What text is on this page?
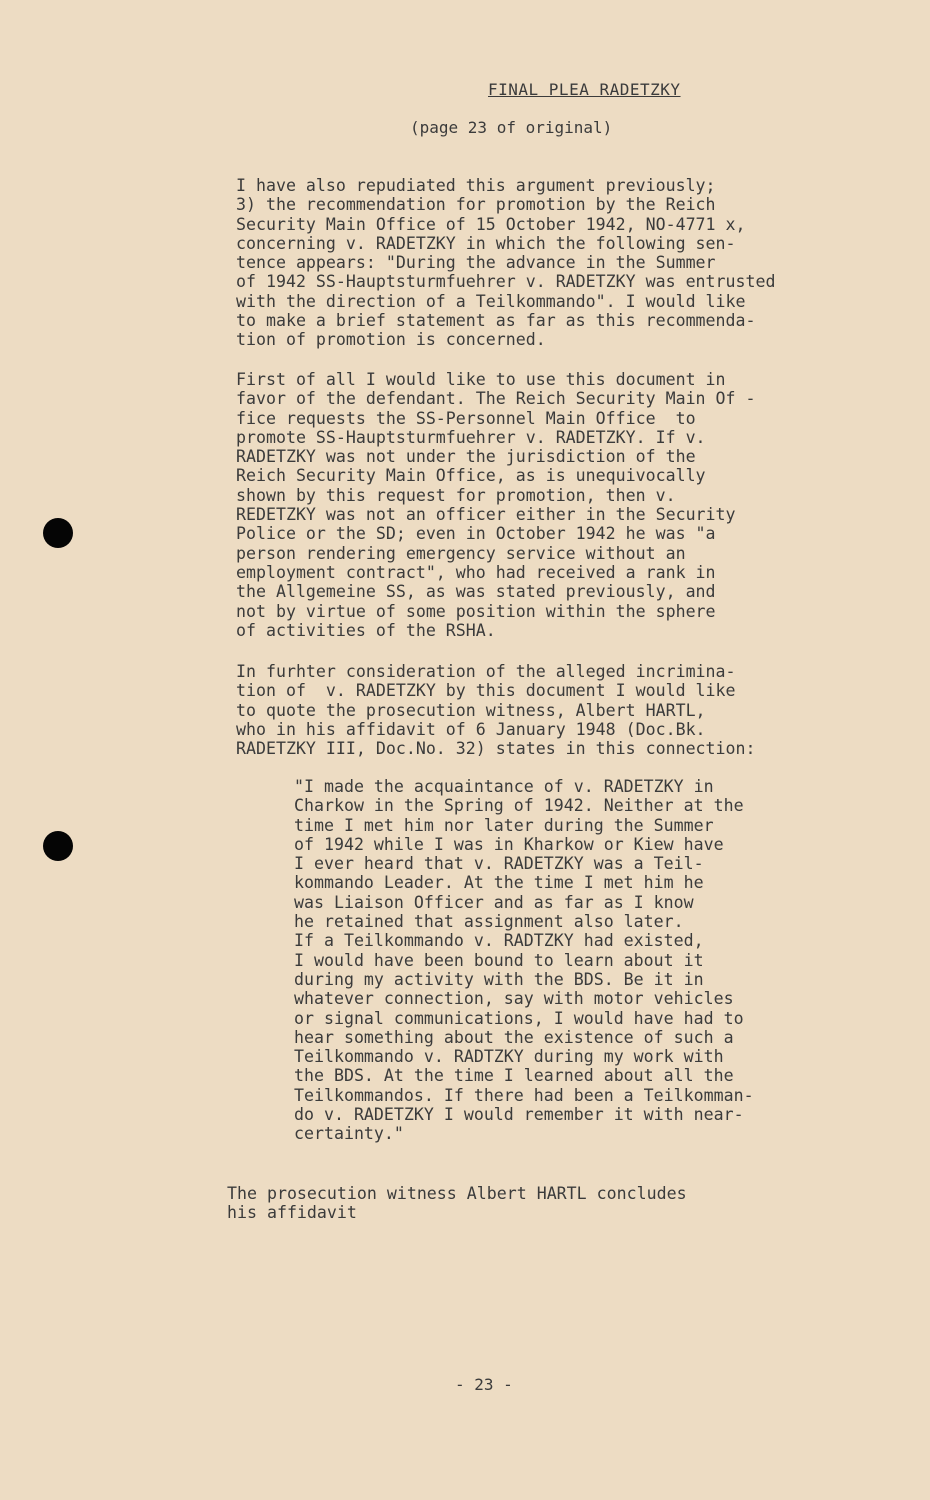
FINAL PLEA RADETZKY
(page 23 of original)
I have also repudiated this argument previously;
3) the recommendation for promotion by the Reich
Security Main Office of 15 October 1942, NO-4771 x,
concerning v. RADETZKY in which the following sen-
tence appears: "During the advance in the Summer
of 1942 SS-Hauptsturmfuehrer v. RADETZKY was entrusted
with the direction of a Teilkommando". I would like
to make a brief statement as far as this recommenda-
tion of promotion is concerned.
First of all I would like to use this document in
favor of the defendant. The Reich Security Main Of -
fice requests the SS-Personnel Main Office  to
promote SS-Hauptsturmfuehrer v. RADETZKY. If v.
RADETZKY was not under the jurisdiction of the
Reich Security Main Office, as is unequivocally
shown by this request for promotion, then v.
REDETZKY was not an officer either in the Security
Police or the SD; even in October 1942 he was "a
person rendering emergency service without an
employment contract", who had received a rank in
the Allgemeine SS, as was stated previously, and
not by virtue of some position within the sphere
of activities of the RSHA.
In furhter consideration of the alleged incrimina-
tion of  v. RADETZKY by this document I would like
to quote the prosecution witness, Albert HARTL,
who in his affidavit of 6 January 1948 (Doc.Bk.
RADETZKY III, Doc.No. 32) states in this connection:
"I made the acquaintance of v. RADETZKY in
Charkow in the Spring of 1942. Neither at the
time I met him nor later during the Summer
of 1942 while I was in Kharkow or Kiew have
I ever heard that v. RADETZKY was a Teil-
kommando Leader. At the time I met him he
was Liaison Officer and as far as I know
he retained that assignment also later.
If a Teilkommando v. RADTZKY had existed,
I would have been bound to learn about it
during my activity with the BDS. Be it in
whatever connection, say with motor vehicles
or signal communications, I would have had to
hear something about the existence of such a
Teilkommando v. RADTZKY during my work with
the BDS. At the time I learned about all the
Teilkommandos. If there had been a Teilkomman-
do v. RADETZKY I would remember it with near-
certainty."
The prosecution witness Albert HARTL concludes
his affidavit
- 23 -
